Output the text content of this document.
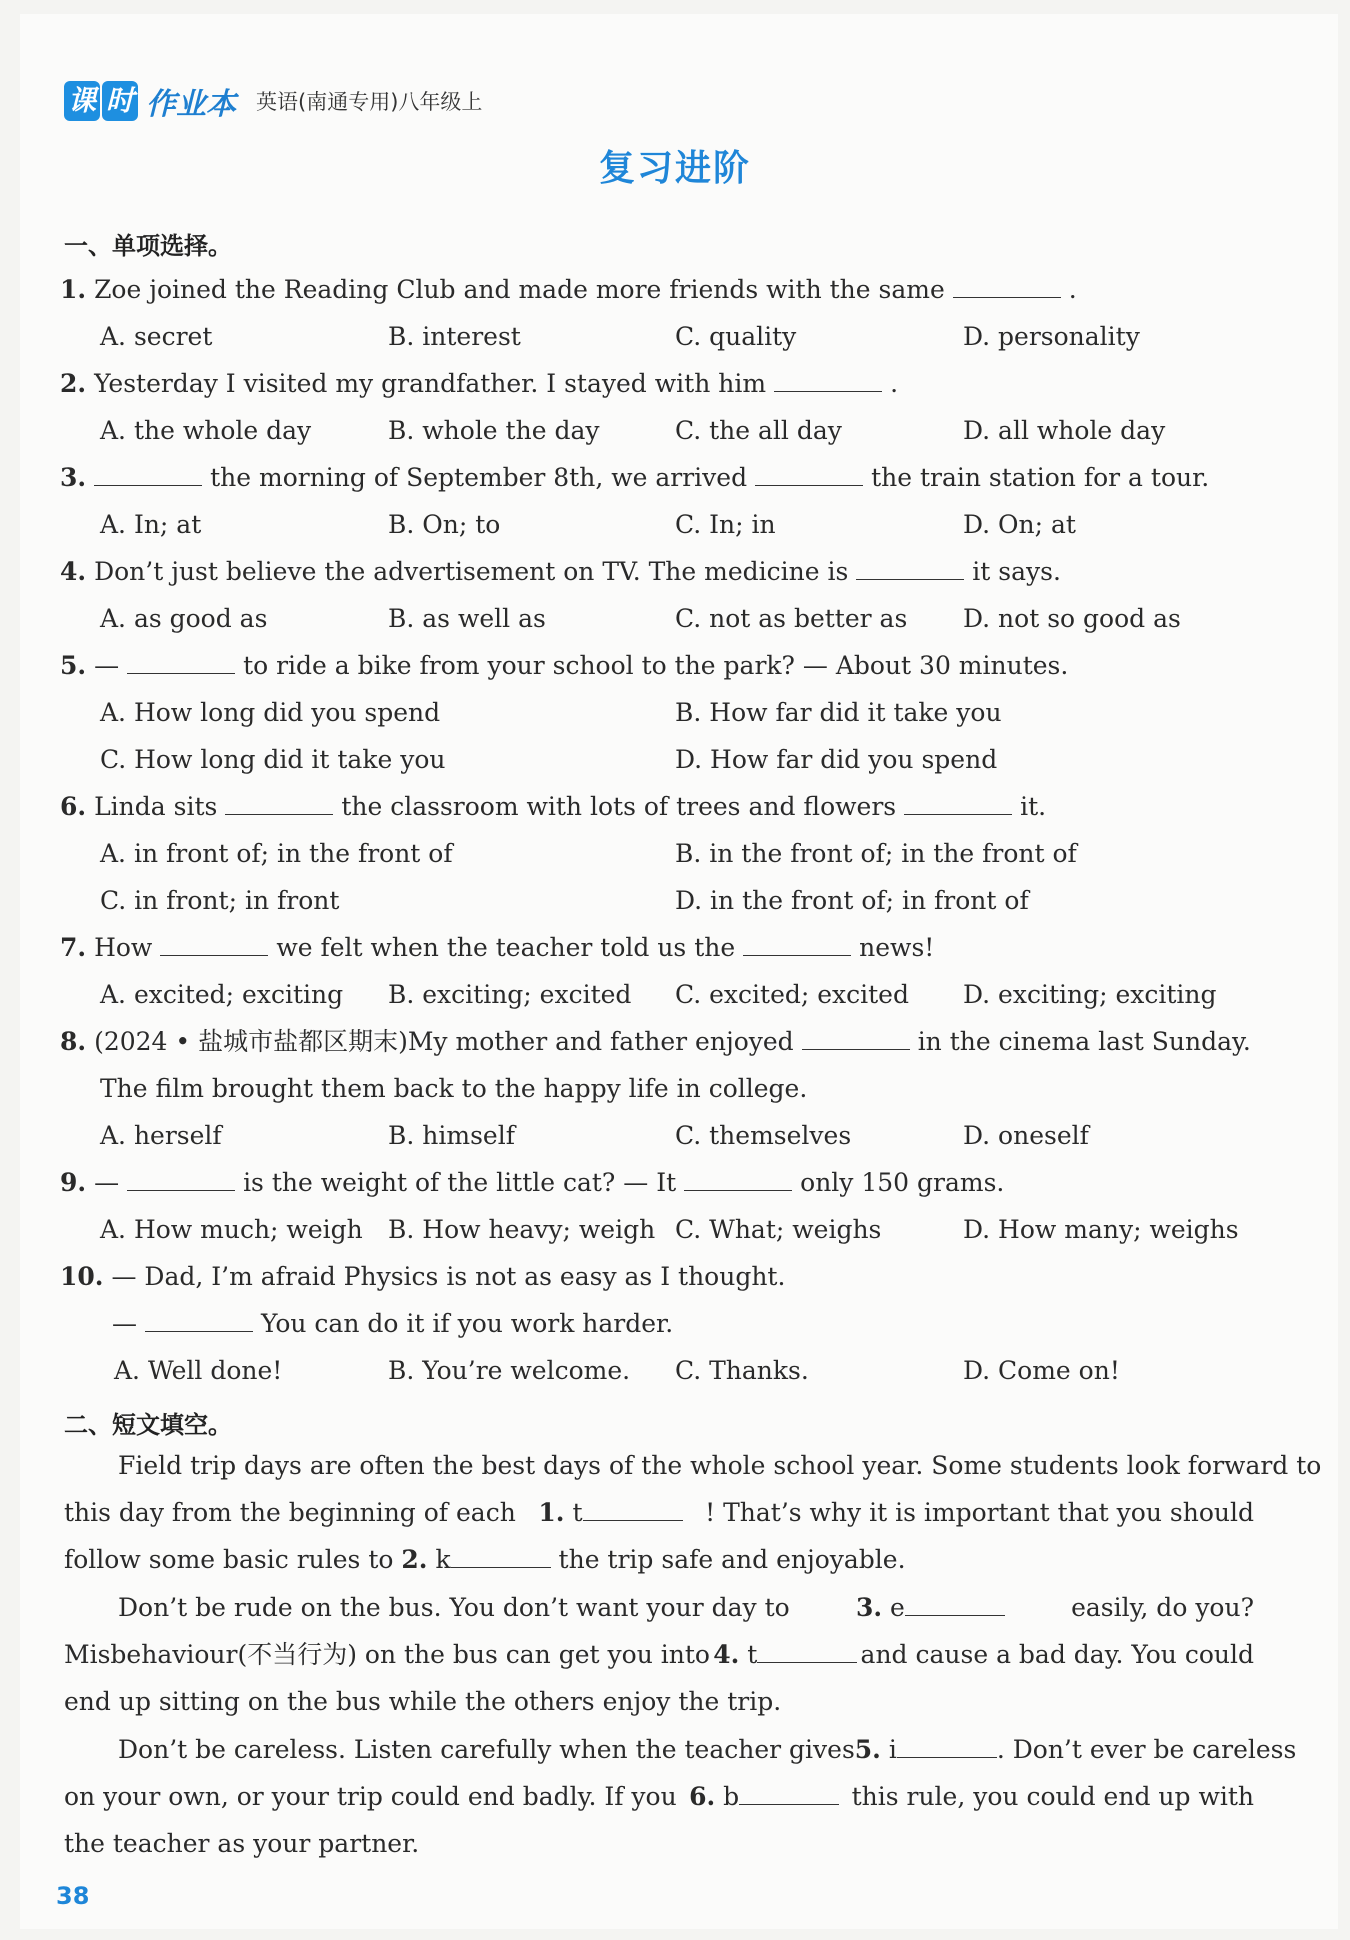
课 时 作业本 英语(南通专用)八年级上
复习进阶
一、单项选择。
1. Zoe joined the Reading Club and made more friends with the same	.
A. secret	B. interest	C. quality	D. personality
2. Yesterday I visited my grandfather. I stayed with him	.
A. the whole day	B. whole the day	C. the all day	D. all whole day
3.	the morning of September 8th, we arrived	the train station for a tour.
A. In; at	B. On; to	C. In; in	D. On; at
4. Don’t just believe the advertisement on TV. The medicine is	it says.
A. as good as	B. as well as	C. not as better as D. not so good as
5. —	to ride a bike from your school to the park? — About 30 minutes.
A. How long did you spend	B. How far did it take you
C. How long did it take you	D. How far did you spend
6. Linda sits	the classroom with lots of trees and flowers	it.
A. in front of; in the front of	B. in the front of; in the front of
C. in front; in front	D. in the front of; in front of
7. How	we felt when the teacher told us the	news!
A. excited; exciting B. exciting; excited C. excited; excited D. exciting; exciting
8. (2024 • 盐城市盐都区期末)My mother and father enjoyed	in the cinema last Sunday.
The film brought them back to the happy life in college.
A. herself	B. himself	C. themselves	D. oneself
9. —	is the weight of the little cat? — It	only 150 grams.
A. How much; weigh B. How heavy; weigh C. What; weighs	D. How many; weighs
10. — Dad, I’m afraid Physics is not as easy as I thought.
—	You can do it if you work harder.
A. Well done!	B. You’re welcome. C. Thanks.	D. Come on!
二、短文填空。
Field trip days are often the best days of the whole school year. Some students look forward to
this day from the beginning of each 1. t	! That’s why it is important that you should
follow some basic rules to 2. k	the trip safe and enjoyable.
Don’t be rude on the bus. You don’t want your day to	3. e	easily, do you?
Misbehaviour(不当行为) on the bus can get you into 4. t	and cause a bad day. You could
end up sitting on the bus while the others enjoy the trip.
Don’t be careless. Listen carefully when the teacher gives 5. i	. Don’t ever be careless
on your own, or your trip could end badly. If you 6. b	this rule, you could end up with
the teacher as your partner.
38
